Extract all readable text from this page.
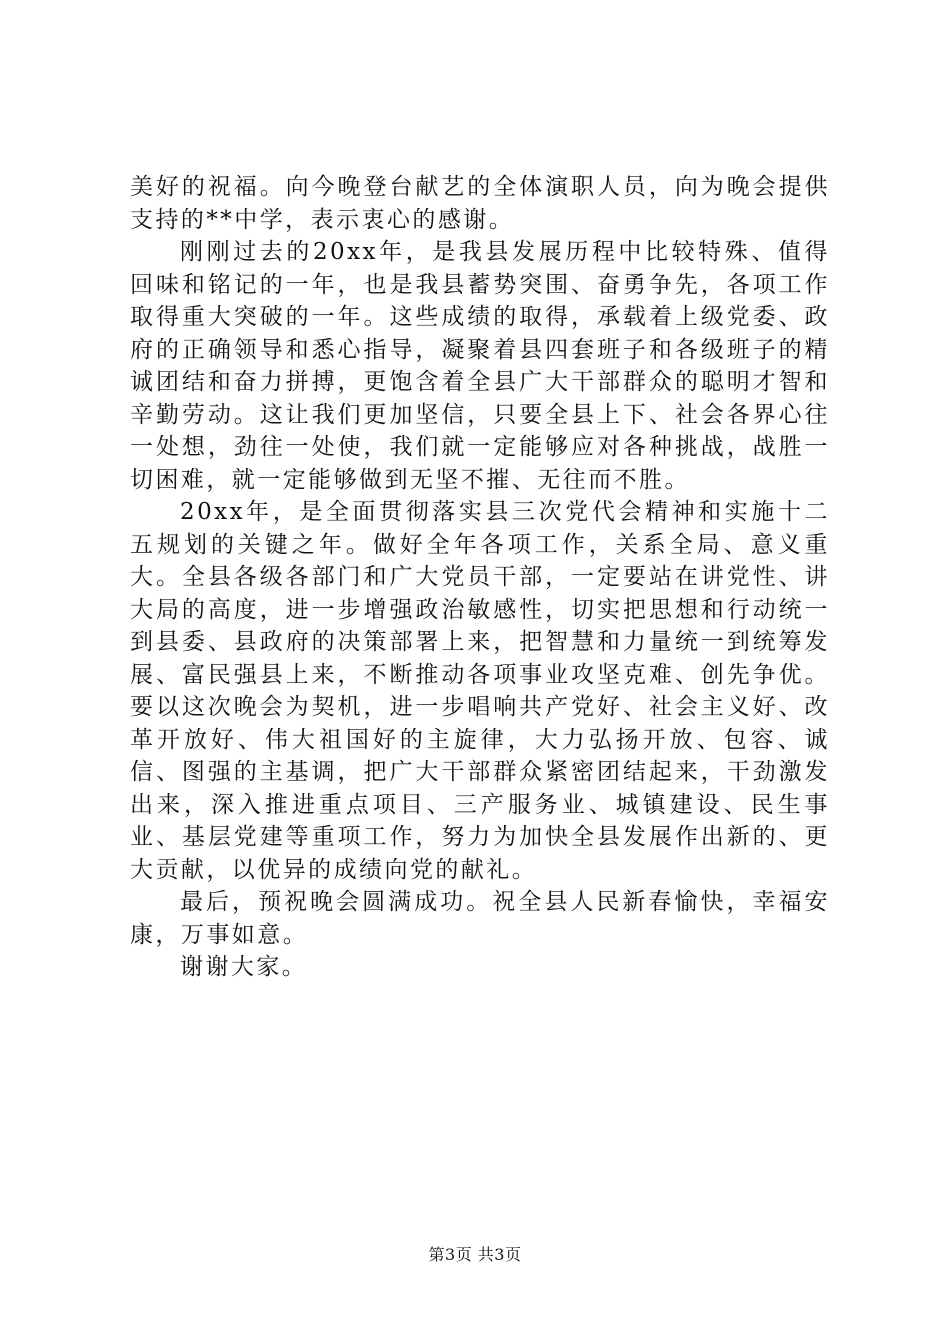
美好的祝福。向今晚登台献艺的全体演职人员，向为晚会提供支持的**中学，表示衷心的感谢。

刚刚过去的20xx年，是我县发展历程中比较特殊、值得回味和铭记的一年，也是我县蓄势突围、奋勇争先，各项工作取得重大突破的一年。这些成绩的取得，承载着上级党委、政府的正确领导和悉心指导，凝聚着县四套班子和各级班子的精诚团结和奋力拼搏，更饱含着全县广大干部群众的聪明才智和辛勤劳动。这让我们更加坚信，只要全县上下、社会各界心往一处想，劲往一处使，我们就一定能够应对各种挑战，战胜一切困难，就一定能够做到无坚不摧、无往而不胜。

20xx年，是全面贯彻落实县三次党代会精神和实施十二五规划的关键之年。做好全年各项工作，关系全局、意义重大。全县各级各部门和广大党员干部，一定要站在讲党性、讲大局的高度，进一步增强政治敏感性，切实把思想和行动统一到县委、县政府的决策部署上来，把智慧和力量统一到统筹发展、富民强县上来，不断推动各项事业攻坚克难、创先争优。要以这次晚会为契机，进一步唱响共产党好、社会主义好、改革开放好、伟大祖国好的主旋律，大力弘扬开放、包容、诚信、图强的主基调，把广大干部群众紧密团结起来，干劲激发出来，深入推进重点项目、三产服务业、城镇建设、民生事业、基层党建等重项工作，努力为加快全县发展作出新的、更大贡献，以优异的成绩向党的献礼。

最后，预祝晚会圆满成功。祝全县人民新春愉快，幸福安康，万事如意。

谢谢大家。

第3页 共3页
